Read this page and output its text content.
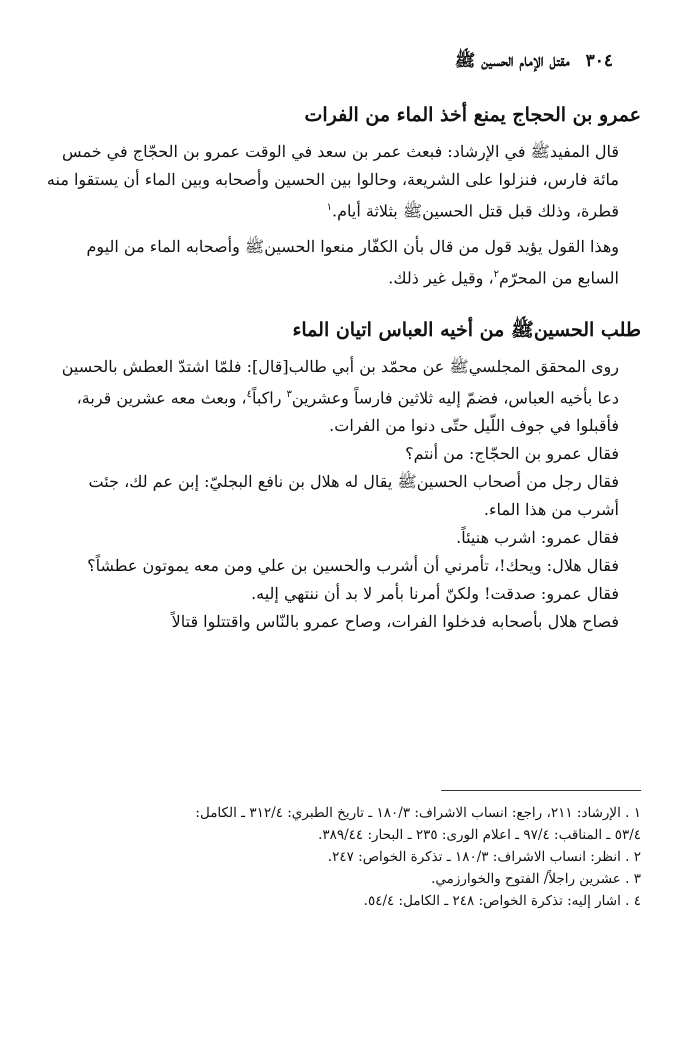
٣٠٤ مقتل الإمام الحسين ﷺ
عمرو بن الحجاج يمنع أخذ الماء من الفرات

قال المفيدﷺ في الإرشاد: فبعث عمر بن سعد في الوقت عمرو بن الحجّاج في خمس مائة فارس، فنزلوا على الشريعة، وحالوا بين الحسين وأصحابه وبين الماء أن يستقوا منه قطرة، وذلك قبل قتل الحسينﷺ بثلاثة أيام.$^١$

وهذا القول يؤيد قول من قال بأن الكفّار منعوا الحسينﷺ وأصحابه الماء من اليوم السابع من المحرّم$^٢$، وقيل غير ذلك.

طلب الحسينﷺ من أخيه العباس اتيان الماء

روى المحقق المجلسيﷺ عن محمّد بن أبي طالب[قال]: فلمّا اشتدّ العطش بالحسين دعا بأخيه العباس، فضمّ إليه ثلاثين فارساً وعشرين$^٣$ راكباً$^٤$، وبعث معه عشرين قربة، فأقبلوا في جوف اللّيل حتّى دنوا من الفرات.

فقال عمرو بن الحجّاج: من أنتم؟

فقال رجل من أصحاب الحسينﷺ يقال له هلال بن نافع البجليّ: إبن عم لك، جئت أشرب من هذا الماء.

فقال عمرو: اشرب هنيئاً.

فقال هلال: ويحك!، تأمرني أن أشرب والحسين بن علي ومن معه يموتون عطشاً؟

فقال عمرو: صدقت! ولكنّ أمرنا بأمر لا بد أن ننتهي إليه.

فصاح هلال بأصحابه فدخلوا الفرات، وصاح عمرو بالنّاس واقتتلوا قتالاً

١ . الإرشاد: ٢١١، راجع: انساب الاشراف: ١٨٠/٣ ـ تاريخ الطبري: ٣١٢/٤ ـ الكامل:

٥٣/٤ ـ المناقب: ٩٧/٤ ـ اعلام الورى: ٢٣٥ ـ البحار: ٣٨٩/٤٤.

٢ . انظر: انساب الاشراف: ١٨٠/٣ ـ تذكرة الخواص: ٢٤٧.

٣ . عشرين راجلاً/ الفتوح والخوارزمي.

٤ . اشار إليه: تذكرة الخواص: ٢٤٨ ـ الكامل: ٥٤/٤.
